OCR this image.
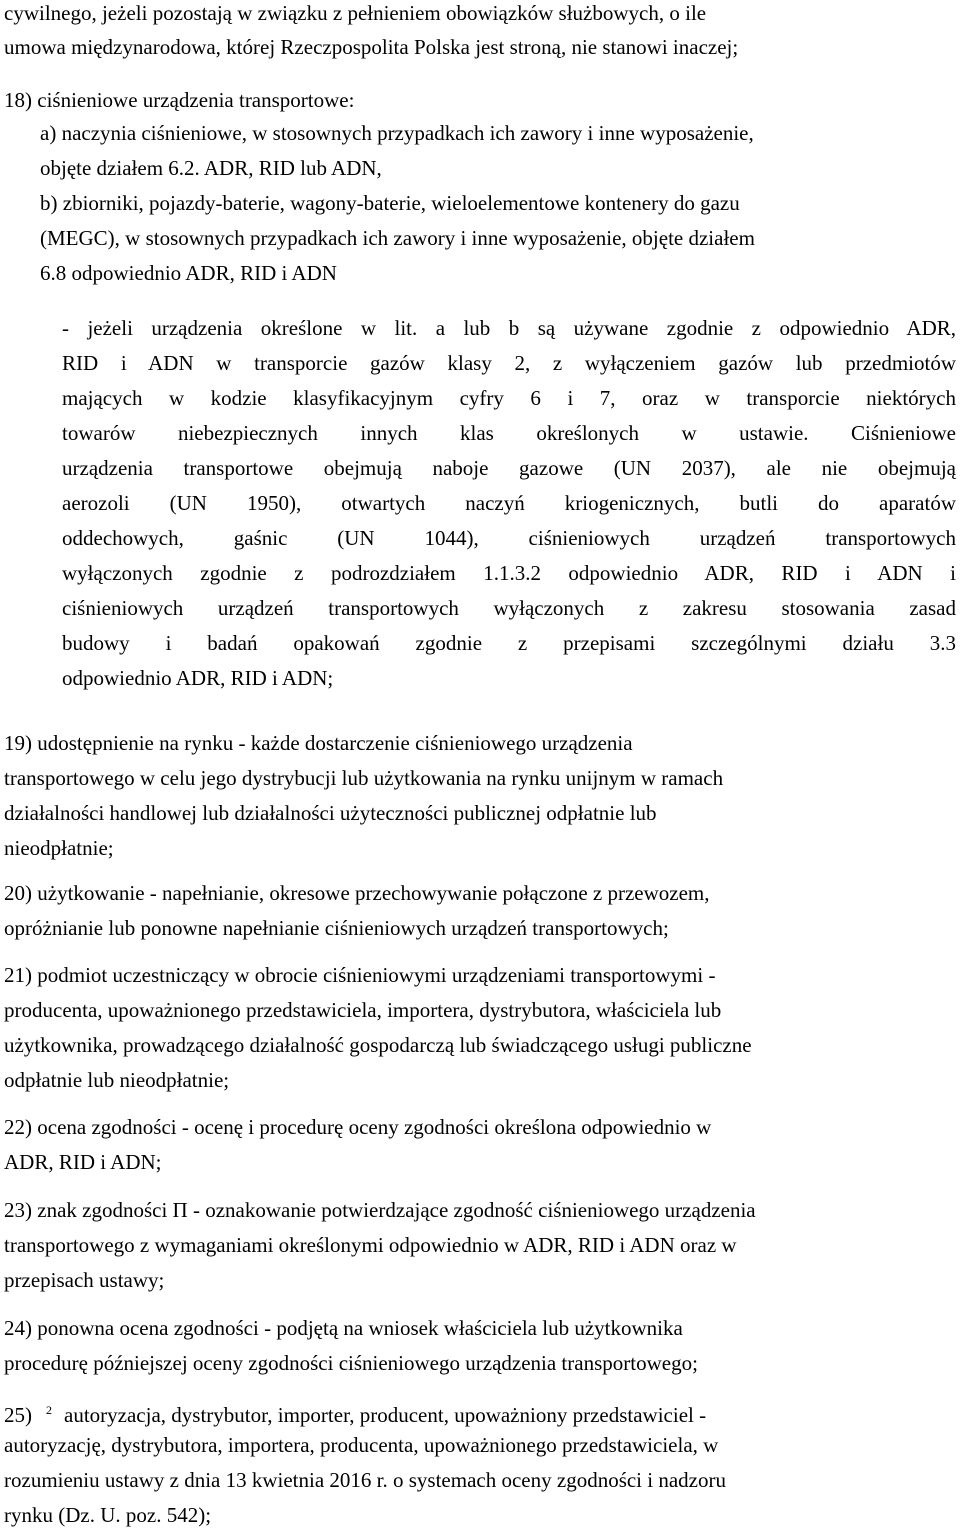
cywilnego, jeżeli pozostają w związku z pełnieniem obowiązków służbowych, o ile
umowa międzynarodowa, której Rzeczpospolita Polska jest stroną, nie stanowi inaczej;
18) ciśnieniowe urządzenia transportowe:
a) naczynia ciśnieniowe, w stosownych przypadkach ich zawory i inne wyposażenie,
objęte działem 6.2. ADR, RID lub ADN,
b) zbiorniki, pojazdy-baterie, wagony-baterie, wieloelementowe kontenery do gazu
(MEGC), w stosownych przypadkach ich zawory i inne wyposażenie, objęte działem
6.8 odpowiednio ADR, RID i ADN
- jeżeli urządzenia określone w lit. a lub b są używane zgodnie z odpowiednio ADR,
RID i ADN w transporcie gazów klasy 2, z wyłączeniem gazów lub przedmiotów
mających w kodzie klasyfikacyjnym cyfry 6 i 7, oraz w transporcie niektórych
towarów niebezpiecznych innych klas określonych w ustawie. Ciśnieniowe
urządzenia transportowe obejmują naboje gazowe (UN 2037), ale nie obejmują
aerozoli (UN 1950), otwartych naczyń kriogenicznych, butli do aparatów
oddechowych, gaśnic (UN 1044), ciśnieniowych urządzeń transportowych
wyłączonych zgodnie z podrozdziałem 1.1.3.2 odpowiednio ADR, RID i ADN i
ciśnieniowych urządzeń transportowych wyłączonych z zakresu stosowania zasad
budowy i badań opakowań zgodnie z przepisami szczególnymi działu 3.3
odpowiednio ADR, RID i ADN;
19) udostępnienie na rynku - każde dostarczenie ciśnieniowego urządzenia
transportowego w celu jego dystrybucji lub użytkowania na rynku unijnym w ramach
działalności handlowej lub działalności użyteczności publicznej odpłatnie lub
nieodpłatnie;
20) użytkowanie - napełnianie, okresowe przechowywanie połączone z przewozem,
opróżnianie lub ponowne napełnianie ciśnieniowych urządzeń transportowych;
21) podmiot uczestniczący w obrocie ciśnieniowymi urządzeniami transportowymi -
producenta, upoważnionego przedstawiciela, importera, dystrybutora, właściciela lub
użytkownika, prowadzącego działalność gospodarczą lub świadczącego usługi publiczne
odpłatnie lub nieodpłatnie;
22) ocena zgodności - ocenę i procedurę oceny zgodności określona odpowiednio w
ADR, RID i ADN;
23) znak zgodności Π - oznakowanie potwierdzające zgodność ciśnieniowego urządzenia
transportowego z wymaganiami określonymi odpowiednio w ADR, RID i ADN oraz w
przepisach ustawy;
24) ponowna ocena zgodności - podjętą na wniosek właściciela lub użytkownika
procedurę późniejszej oceny zgodności ciśnieniowego urządzenia transportowego;
25) $^2$ autoryzacja, dystrybutor, importer, producent, upoważniony przedstawiciel -
autoryzację, dystrybutora, importera, producenta, upoważnionego przedstawiciela, w
rozumieniu ustawy z dnia 13 kwietnia 2016 r. o systemach oceny zgodności i nadzoru
rynku (Dz. U. poz. 542);
